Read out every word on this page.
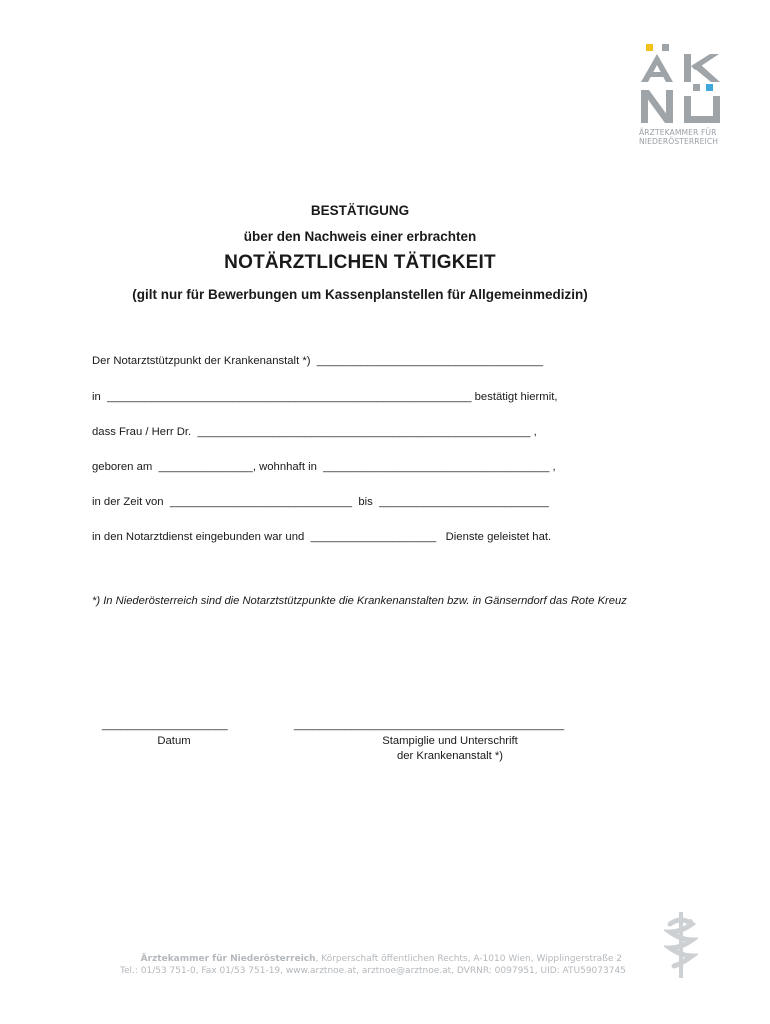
ÄRZTEKAMMER FÜR
NIEDERÖSTERREICH
BESTÄTIGUNG
über den Nachweis einer erbrachten
NOTÄRZTLICHEN TÄTIGKEIT
(gilt nur für Bewerbungen um Kassenplanstellen für Allgemeinmedizin)
Der Notarztstützpunkt der Krankenanstalt *) ____________________________________
in __________________________________________________________ bestätigt hiermit,
dass Frau / Herr Dr. _____________________________________________________ ,
geboren am _______________, wohnhaft in ____________________________________ ,
in der Zeit von _____________________________ bis ___________________________
in den Notarztdienst eingebunden war und ____________________ Dienste geleistet hat.
*) In Niederösterreich sind die Notarztstützpunkte die Krankenanstalten bzw. in Gänserndorf das Rote Kreuz
____________________
Datum
___________________________________________
Stampiglie und Unterschrift
der Krankenanstalt *)
Ärztekammer für Niederösterreich, Körperschaft öffentlichen Rechts, A-1010 Wien, Wipplingerstraße 2
Tel.: 01/53 751-0, Fax 01/53 751-19, www.arztnoe.at, arztnoe@arztnoe.at, DVRNR: 0097951, UID: ATU59073745
